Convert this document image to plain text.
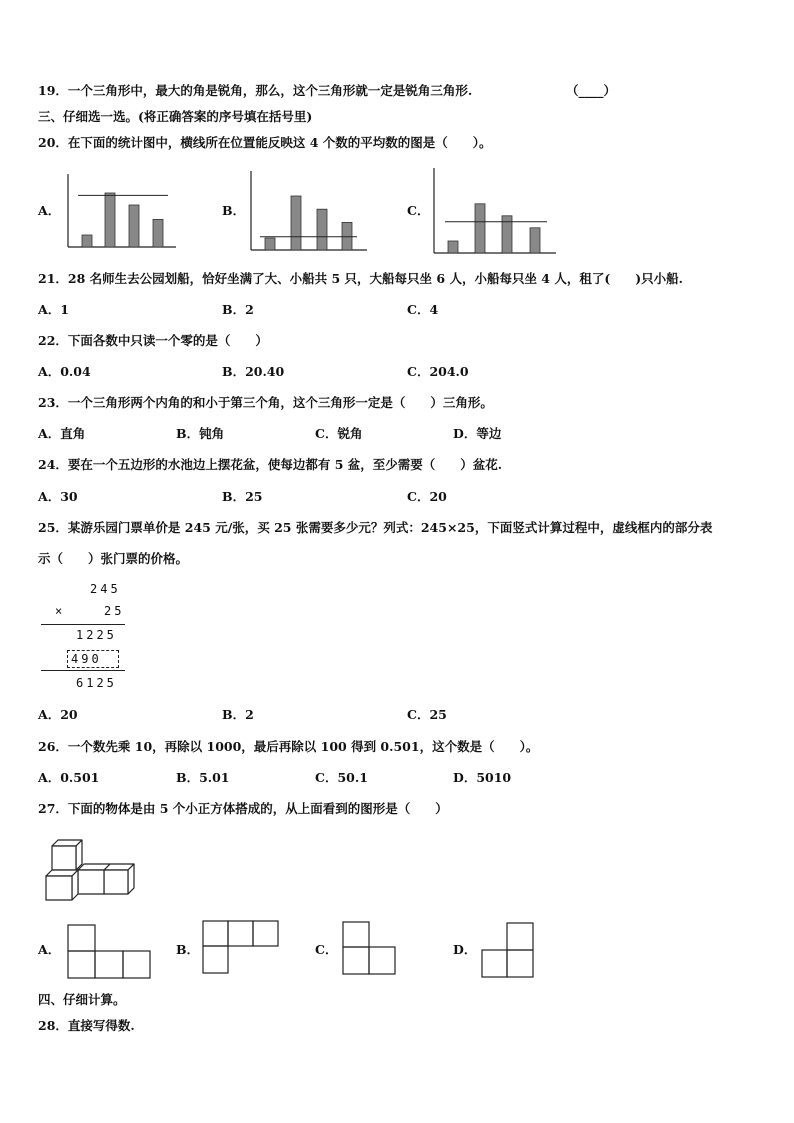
19．一个三角形中，最大的角是锐角，那么，这个三角形就一定是锐角三角形.	（____）
三、仔细选一选。(将正确答案的序号填在括号里)
20．在下面的统计图中，横线所在位置能反映这 4 个数的平均数的图是（　　）。
A．	B．	C．
21．28 名师生去公园划船，恰好坐满了大、小船共 5 只，大船每只坐 6 人，小船每只坐 4 人，租了(　　)只小船.
A．1	B．2	C．4
22．下面各数中只读一个零的是（　　）
A．0.04	B．20.40	C．204.0
23．一个三角形两个内角的和小于第三个角，这个三角形一定是（　　）三角形。
A．直角	B．钝角	C．锐角	D．等边
24．要在一个五边形的水池边上摆花盆，使每边都有 5 盆，至少需要（　　）盆花.
A．30	B．25	C．20
25．某游乐园门票单价是 245 元/张，买 25 张需要多少元？列式：245×25，下面竖式计算过程中，虚线框内的部分表
示（　　）张门票的价格。
245
×	25
1225
490
6125
A．20	B．2	C．25
26．一个数先乘 10，再除以 1000，最后再除以 100 得到 0.501，这个数是（　　）。
A．0.501	B．5.01	C．50.1	D．5010
27．下面的物体是由 5 个小正方体搭成的，从上面看到的图形是（　　）
A．	B．	C．	D．
四、仔细计算。
28．直接写得数.
